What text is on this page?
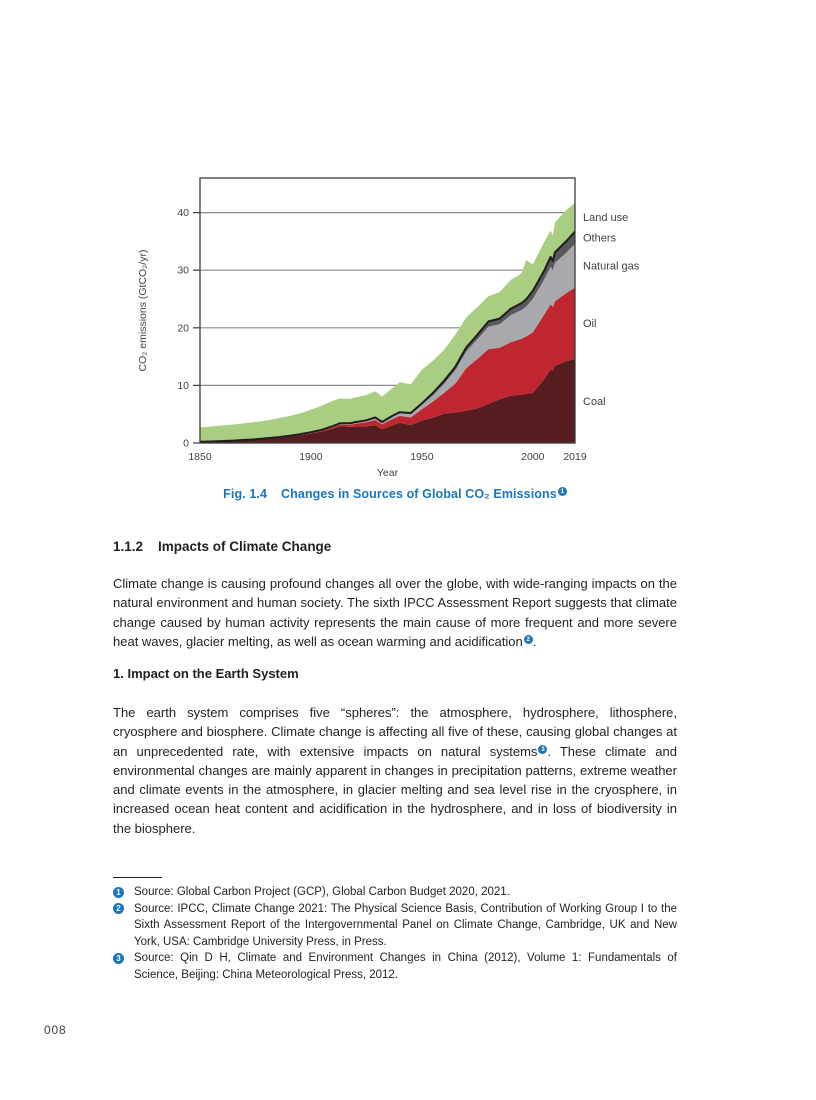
0
10
20
30
40
1850	1900	1950	2000 2019
Year
CO₂ emissions (GtCO₂/yr)
Coal
Oil
Natural gas
Others
Land use
Fig. 1.4 Changes in Sources of Global CO₂ Emissions 1
1.1.2 Impacts of Climate Change

Climate change is causing profound changes all over the globe, with wide-ranging impacts on the natural environment and human society. The sixth IPCC Assessment Report suggests that climate change caused by human activity represents the main cause of more frequent and more severe heat waves, glacier melting, as well as ocean warming and acidification 2 .

1. Impact on the Earth System

The earth system comprises five “spheres”: the atmosphere, hydrosphere, lithosphere, cryosphere and biosphere. Climate change is affecting all five of these, causing global changes at an unprecedented rate, with extensive impacts on natural systems 3 . These climate and environmental changes are mainly apparent in changes in precipitation patterns, extreme weather and climate events in the atmosphere, in glacier melting and sea level rise in the cryosphere, in increased ocean heat content and acidification in the hydrosphere, and in loss of biodiversity in the biosphere.

1 Source: Global Carbon Project (GCP), Global Carbon Budget 2020, 2021.
2 Source: IPCC, Climate Change 2021: The Physical Science Basis, Contribution of Working Group I to the Sixth Assessment Report of the Intergovernmental Panel on Climate Change, Cambridge, UK and New York, USA: Cambridge University Press, in Press.
3 Source: Qin D H, Climate and Environment Changes in China (2012), Volume 1: Fundamentals of Science, Beijing: China Meteorological Press, 2012.
008
